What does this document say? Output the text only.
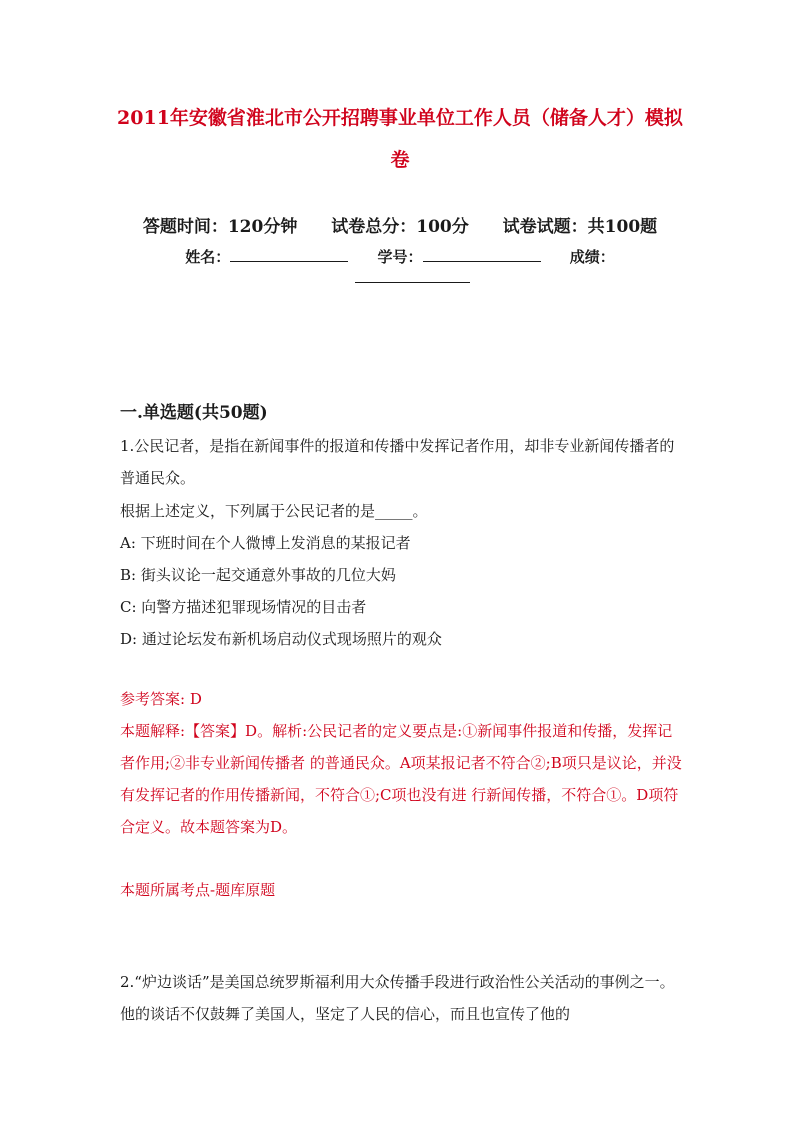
2011年安徽省淮北市公开招聘事业单位工作人员（储备人才）模拟
卷
答题时间：120分钟 试卷总分：100分 试卷试题：共100题
姓名：	学号：	成绩：
一.单选题(共50题)
1.公民记者，是指在新闻事件的报道和传播中发挥记者作用，却非专业新闻传播者的普通民众。
根据上述定义，下列属于公民记者的是_____。
A: 下班时间在个人微博上发消息的某报记者
B: 街头议论一起交通意外事故的几位大妈
C: 向警方描述犯罪现场情况的目击者
D: 通过论坛发布新机场启动仪式现场照片的观众
参考答案: D
本题解释:【答案】D。解析:公民记者的定义要点是:①新闻事件报道和传播，发挥记者作用;②非专业新闻传播者 的普通民众。A项某报记者不符合②;B项只是议论，并没有发挥记者的作用传播新闻，不符合①;C项也没有进 行新闻传播，不符合①。D项符合定义。故本题答案为D。
本题所属考点-题库原题
2.“炉边谈话”是美国总统罗斯福利用大众传播手段进行政治性公关活动的事例之一。他的谈话不仅鼓舞了美国人，坚定了人民的信心，而且也宣传了他的
